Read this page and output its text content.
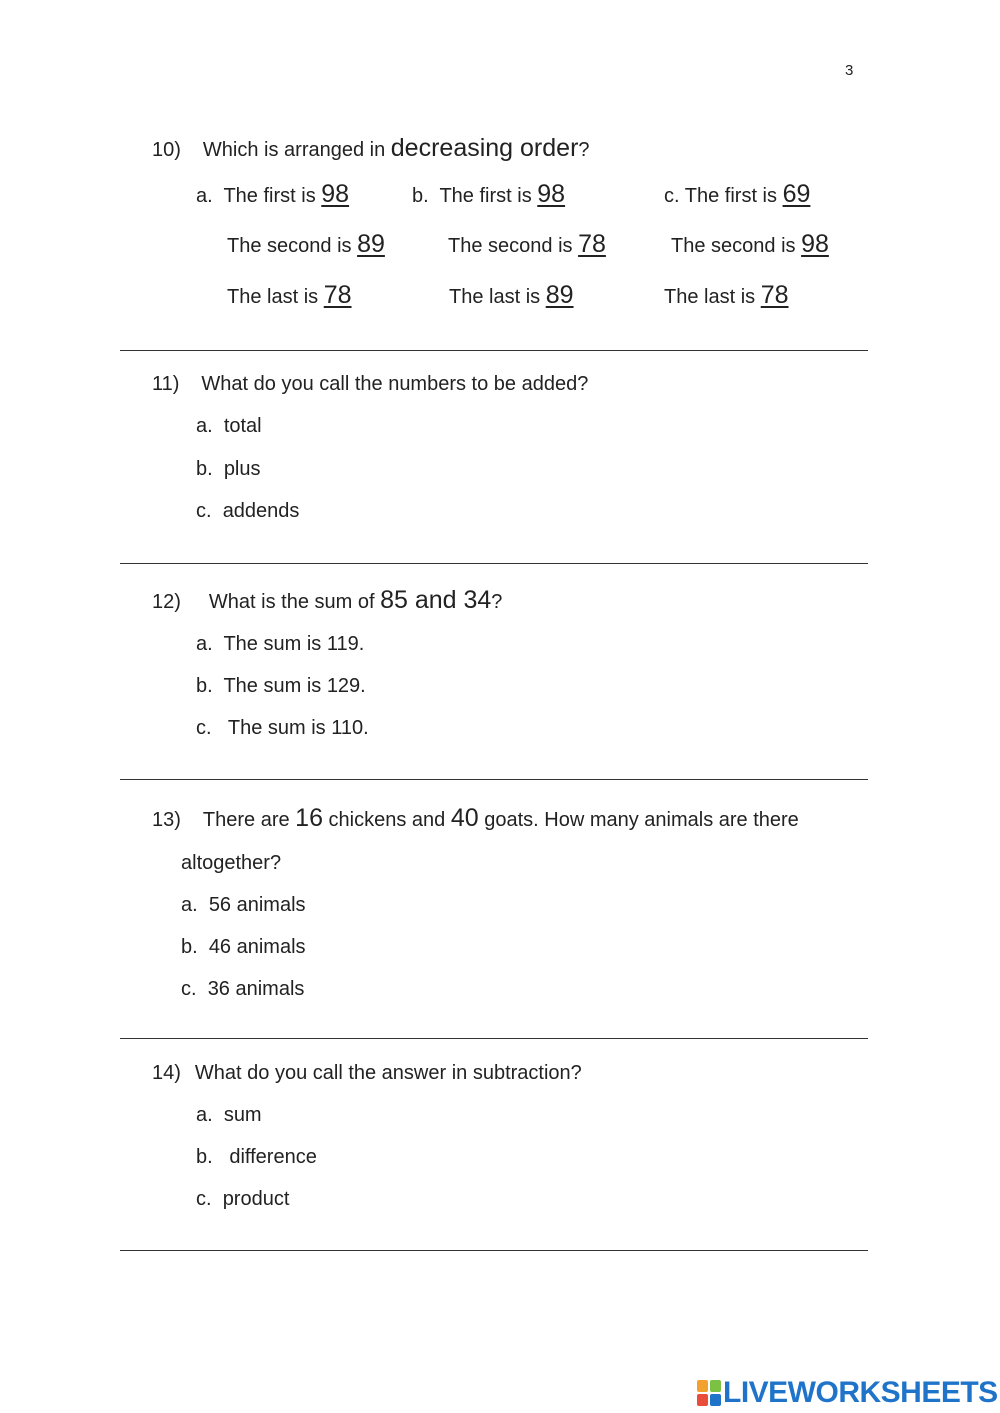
3
10) Which is arranged in decreasing order?
a. The first is 98
The second is 89
The last is 78
b. The first is 98
The second is 78
The last is 89
c. The first is 69
The second is 98
The last is 78
11) What do you call the numbers to be added?
a. total
b. plus
c. addends
12) What is the sum of 85 and 34?
a. The sum is 119.
b. The sum is 129.
c. The sum is 110.
13) There are 16 chickens and 40 goats. How many animals are there
altogether?
a. 56 animals
b. 46 animals
c. 36 animals
14) What do you call the answer in subtraction?
a. sum
b. difference
c. product
LIVEWORKSHEETS
